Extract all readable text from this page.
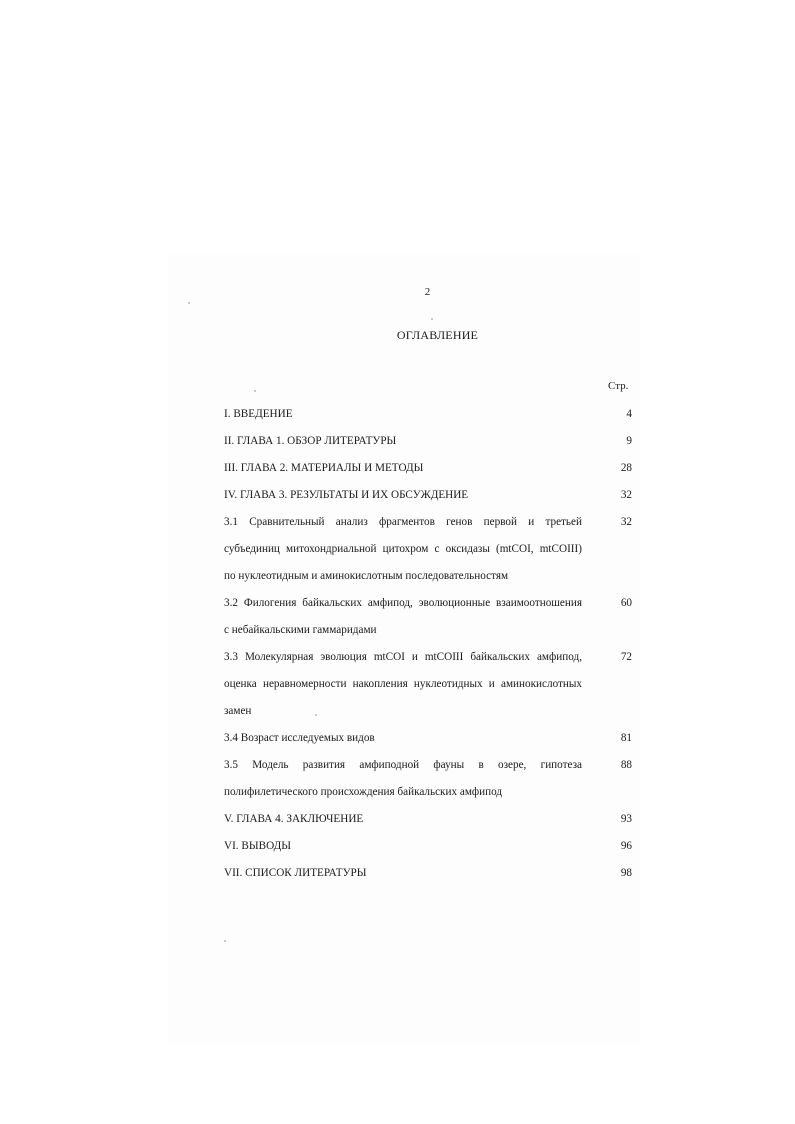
2
ОГЛАВЛЕНИЕ
Стр.
I. ВВЕДЕНИЕ	4
II. ГЛАВА 1. ОБЗОР ЛИТЕРАТУРЫ	9
III. ГЛАВА 2. МАТЕРИАЛЫ И МЕТОДЫ	28
IV. ГЛАВА 3. РЕЗУЛЬТАТЫ И ИХ ОБСУЖДЕНИЕ	32
3.1 Сравнительный анализ фрагментов генов первой и третьей
субъединиц митохондриальной цитохром c оксидазы (mtCOI, mtCOIII)
по нуклеотидным и аминокислотным последовательностям
32
3.2 Филогения байкальских амфипод, эволюционные взаимоотношения
с небайкальскими гаммаридами
60
3.3 Молекулярная эволюция mtCOI и mtCOIII байкальских амфипод,
оценка неравномерности накопления нуклеотидных и аминокислотных
замен
72
3.4 Возраст исследуемых видов	81
3.5 Модель развития амфиподной фауны в озере, гипотеза
полифилетического происхождения байкальских амфипод
88
V. ГЛАВА 4. ЗАКЛЮЧЕНИЕ	93
VI. ВЫВОДЫ	96
VII. СПИСОК ЛИТЕРАТУРЫ	98
